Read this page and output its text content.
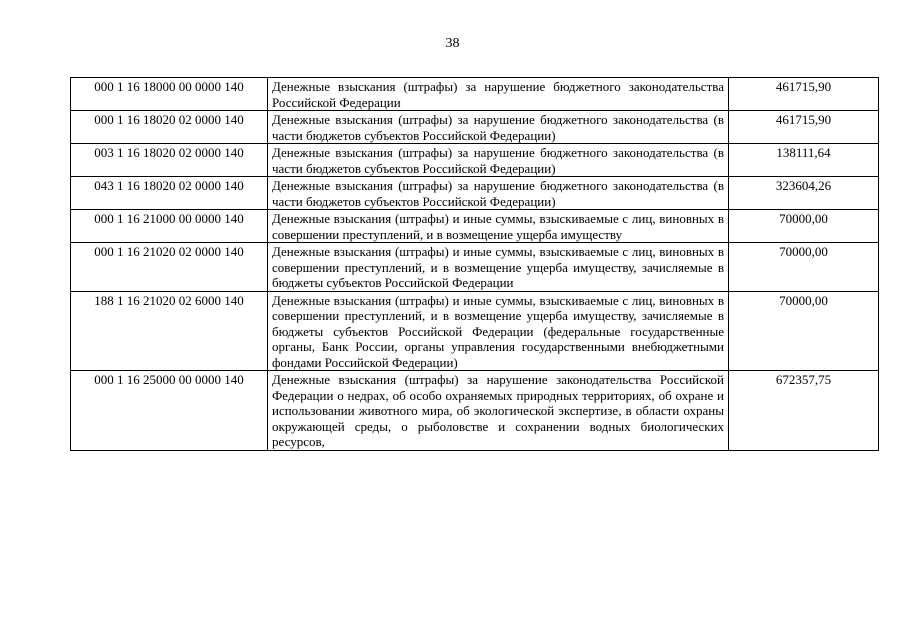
38
000 1 16 18000 00 0000 140	Денежные взыскания (штрафы) за нарушение бюджетного законодательства Российской Федерации	461715,90
000 1 16 18020 02 0000 140	Денежные взыскания (штрафы) за нарушение бюджетного законодательства (в части бюджетов субъектов Российской Федерации)	461715,90
003 1 16 18020 02 0000 140	Денежные взыскания (штрафы) за нарушение бюджетного законодательства (в части бюджетов субъектов Российской Федерации)	138111,64
043 1 16 18020 02 0000 140	Денежные взыскания (штрафы) за нарушение бюджетного законодательства (в части бюджетов субъектов Российской Федерации)	323604,26
000 1 16 21000 00 0000 140	Денежные взыскания (штрафы) и иные суммы, взыскиваемые с лиц, виновных в совершении преступлений, и в возмещение ущерба имуществу	70000,00
000 1 16 21020 02 0000 140	Денежные взыскания (штрафы) и иные суммы, взыскиваемые с лиц, виновных в совершении преступлений, и в возмещение ущерба имуществу, зачисляемые в бюджеты субъектов Российской Федерации	70000,00
188 1 16 21020 02 6000 140	Денежные взыскания (штрафы) и иные суммы, взыскиваемые с лиц, виновных в совершении преступлений, и в возмещение ущерба имуществу, зачисляемые в бюджеты субъектов Российской Федерации (федеральные государственные органы, Банк России, органы управления государственными внебюджетными фондами Российской Федерации)	70000,00
000 1 16 25000 00 0000 140	Денежные взыскания (штрафы) за нарушение законодательства Российской Федерации о недрах, об особо охраняемых природных территориях, об охране и использовании животного мира, об экологической экспертизе, в области охраны окружающей среды, о рыболовстве и сохранении водных биологических ресурсов,	672357,75
